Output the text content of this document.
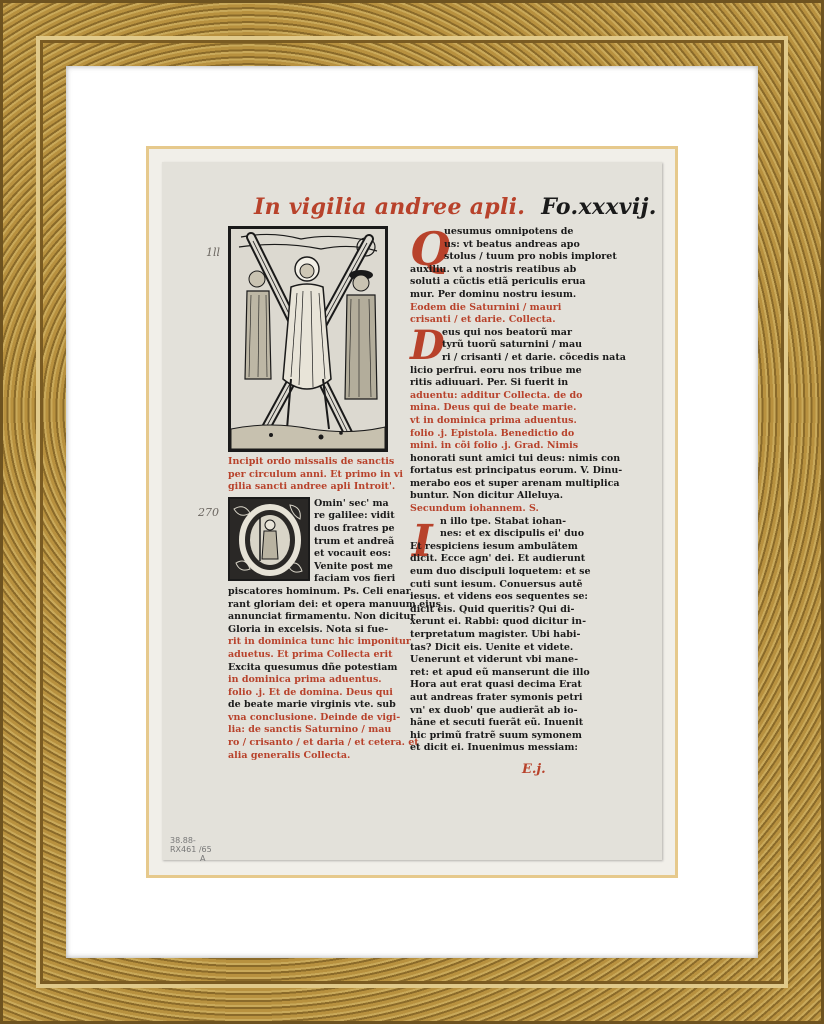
In vigilia andree apli. Fo.xxxvij.
1ll
270

Incipit ordo missalis de sanctis

per circulum anni. Et primo in vi

gilia sancti andree apli Introit'.

Omin' sec' ma

re galilee: vidit

duos fratres pe

trum et andreã

et vocauit eos:

Venite post me

faciam vos fieri

piscatores hominum. Ps. Celi enar

rant gloriam dei: et opera manuum eius

annunciat firmamentu. Non dicitur

Gloria in excelsis. Nota si fue-

rit in dominica tunc hic imponitur

aduetus. Et prima Collecta erit

Excita quesumus dñe potestiam

in dominica prima aduentus.

folio .j. Et de domina. Deus qui

de beate marie virginis vte. sub

vna conclusione. Deinde de vigi-

lia: de sanctis Saturnino / mau

ro / crisanto / et daria / et cetera. et

alia generalis Collecta.

Q
D
I

uesumus omnipotens de

us: vt beatus andreas apo

stolus / tuum pro nobis imploret

auxiliu. vt a nostris reatibus ab

soluti a cũctis etiã periculis erua

mur. Per dominu nostru iesum.

Eodem die Saturnini / mauri

crisanti / et darie. Collecta.

eus qui nos beatorũ mar

tyrũ tuorũ saturnini / mau

ri / crisanti / et darie. cõcedis nata

licio perfrui. eoru nos tribue me

ritis adiuuari. Per. Si fuerit in

aduentu: additur Collecta. de do

mina. Deus qui de beate marie.

vt in dominica prima aduentus.

folio .j. Epistola. Benedictio do

mini. in cõi folio .j. Grad. Nimis

honorati sunt amici tui deus: nimis con

fortatus est principatus eorum. V. Dinu-

merabo eos et super arenam multiplica

buntur. Non dicitur Alleluya.

Secundum iohannem. S.

n illo tpe. Stabat iohan-

nes: et ex discipulis ei' duo

Et respiciens iesum ambulãtem

dicit. Ecce agn' dei. Et audierunt

eum duo discipuli loquetem: et se

cuti sunt iesum. Conuersus autẽ

iesus. et videns eos sequentes se:

dicit eis. Quid queritis? Qui di-

xerunt ei. Rabbi: quod dicitur in-

terpretatum magister. Ubi habi-

tas? Dicit eis. Uenite et videte.

Uenerunt et viderunt vbi mane-

ret: et apud eũ manserunt die illo

Hora aut erat quasi decima Erat

aut andreas frater symonis petri

vn' ex duob' que audierãt ab io-

hãne et secuti fuerãt eũ. Inuenit

hic primũ fratrẽ suum symonem

et dicit ei. Inuenimus messiam:

E.j.
38.88-
RX461 /65
A
